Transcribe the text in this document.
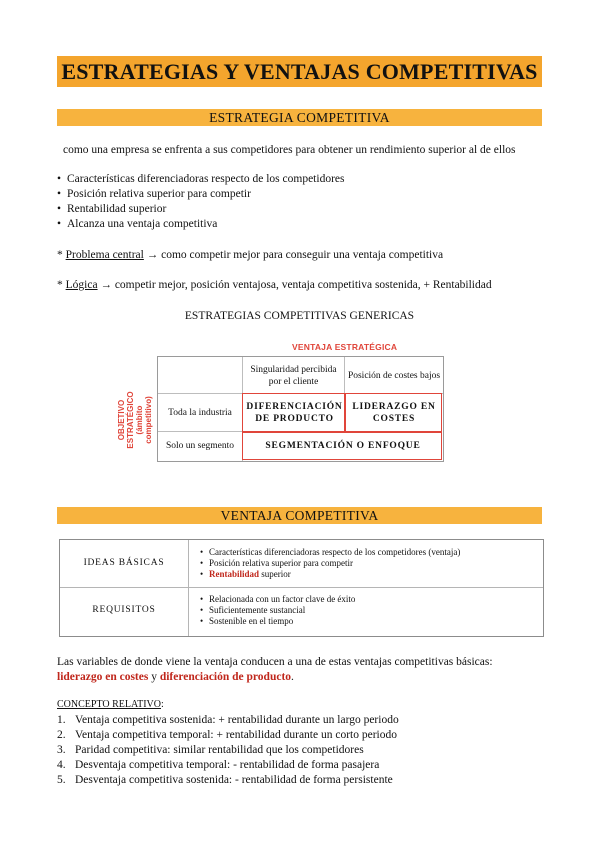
ESTRATEGIAS Y VENTAJAS COMPETITIVAS
ESTRATEGIA COMPETITIVA
como una empresa se enfrenta a sus competidores para obtener un rendimiento superior al de ellos
• Características diferenciadoras respecto de los competidores
• Posición relativa superior para competir
• Rentabilidad superior
• Alcanza una ventaja competitiva
* Problema central → como competir mejor para conseguir una ventaja competitiva
* Lógica → competir mejor, posición ventajosa, ventaja competitiva sostenida, + Rentabilidad
ESTRATEGIAS COMPETITIVAS GENERICAS
VENTAJA ESTRATÉGICA
OBJETIVO ESTRATÉGICO (ámbito competitivo)
Singularidad percibida por el cliente
Posición de costes bajos
Toda la industria
Solo un segmento
DIFERENCIACIÓN DE PRODUCTO
LIDERAZGO EN COSTES
SEGMENTACIÓN O ENFOQUE
VENTAJA COMPETITIVA
IDEAS BÁSICAS
• Características diferenciadoras respecto de los competidores (ventaja)
• Posición relativa superior para competir
• Rentabilidad superior
REQUISITOS
• Relacionada con un factor clave de éxito
• Suficientemente sustancial
• Sostenible en el tiempo
Las variables de donde viene la ventaja conducen a una de estas ventajas competitivas básicas:
liderazgo en costes y diferenciación de producto.
CONCEPTO RELATIVO:
1. Ventaja competitiva sostenida: + rentabilidad durante un largo periodo
2. Ventaja competitiva temporal: + rentabilidad durante un corto periodo
3. Paridad competitiva: similar rentabilidad que los competidores
4. Desventaja competitiva temporal: - rentabilidad de forma pasajera
5. Desventaja competitiva sostenida: - rentabilidad de forma persistente
